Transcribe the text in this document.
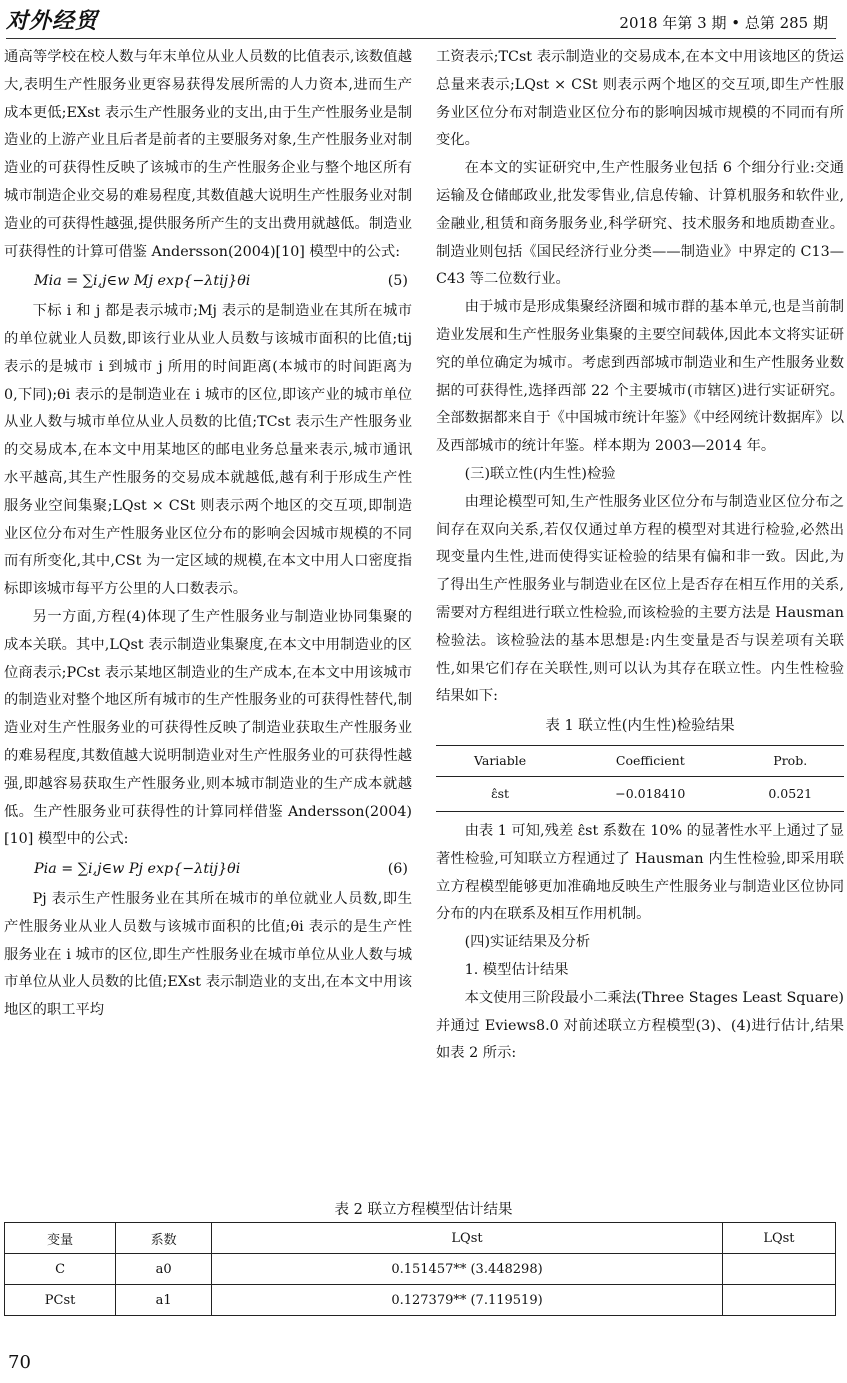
对外经贸	2018 年第 3 期 • 总第 285 期

通高等学校在校人数与年末单位从业人员数的比值表示,该数值越大,表明生产性服务业更容易获得发展所需的人力资本,进而生产成本更低;EXst 表示生产性服务业的支出,由于生产性服务业是制造业的上游产业且后者是前者的主要服务对象,生产性服务业对制造业的可获得性反映了该城市的生产性服务企业与整个地区所有城市制造企业交易的难易程度,其数值越大说明生产性服务业对制造业的可获得性越强,提供服务所产生的支出费用就越低。制造业可获得性的计算可借鉴 Andersson(2004)[10] 模型中的公式:

Mia = ∑i,j∈w Mj exp{−λtij}θi	(5)

下标 i 和 j 都是表示城市;Mj 表示的是制造业在其所在城市的单位就业人员数,即该行业从业人员数与该城市面积的比值;tij 表示的是城市 i 到城市 j 所用的时间距离(本城市的时间距离为 0,下同);θi 表示的是制造业在 i 城市的区位,即该产业的城市单位从业人数与城市单位从业人员数的比值;TCst 表示生产性服务业的交易成本,在本文中用某地区的邮电业务总量来表示,城市通讯水平越高,其生产性服务的交易成本就越低,越有利于形成生产性服务业空间集聚;LQst × CSt 则表示两个地区的交互项,即制造业区位分布对生产性服务业区位分布的影响会因城市规模的不同而有所变化,其中,CSt 为一定区域的规模,在本文中用人口密度指标即该城市每平方公里的人口数表示。

另一方面,方程(4)体现了生产性服务业与制造业协同集聚的成本关联。其中,LQst 表示制造业集聚度,在本文中用制造业的区位商表示;PCst 表示某地区制造业的生产成本,在本文中用该城市的制造业对整个地区所有城市的生产性服务业的可获得性替代,制造业对生产性服务业的可获得性反映了制造业获取生产性服务业的难易程度,其数值越大说明制造业对生产性服务业的可获得性越强,即越容易获取生产性服务业,则本城市制造业的生产成本就越低。生产性服务业可获得性的计算同样借鉴 Andersson(2004)[10] 模型中的公式:

Pia = ∑i,j∈w Pj exp{−λtij}θi	(6)

Pj 表示生产性服务业在其所在城市的单位就业人员数,即生产性服务业从业人员数与该城市面积的比值;θi 表示的是生产性服务业在 i 城市的区位,即生产性服务业在城市单位从业人数与城市单位从业人员数的比值;EXst 表示制造业的支出,在本文中用该地区的职工平均

工资表示;TCst 表示制造业的交易成本,在本文中用该地区的货运总量来表示;LQst × CSt 则表示两个地区的交互项,即生产性服务业区位分布对制造业区位分布的影响因城市规模的不同而有所变化。

在本文的实证研究中,生产性服务业包括 6 个细分行业:交通运输及仓储邮政业,批发零售业,信息传输、计算机服务和软件业,金融业,租赁和商务服务业,科学研究、技术服务和地质勘查业。制造业则包括《国民经济行业分类——制造业》中界定的 C13—C43 等二位数行业。

由于城市是形成集聚经济圈和城市群的基本单元,也是当前制造业发展和生产性服务业集聚的主要空间载体,因此本文将实证研究的单位确定为城市。考虑到西部城市制造业和生产性服务业数据的可获得性,选择西部 22 个主要城市(市辖区)进行实证研究。全部数据都来自于《中国城市统计年鉴》《中经网统计数据库》以及西部城市的统计年鉴。样本期为 2003—2014 年。

(三)联立性(内生性)检验

由理论模型可知,生产性服务业区位分布与制造业区位分布之间存在双向关系,若仅仅通过单方程的模型对其进行检验,必然出现变量内生性,进而使得实证检验的结果有偏和非一致。因此,为了得出生产性服务业与制造业在区位上是否存在相互作用的关系,需要对方程组进行联立性检验,而该检验的主要方法是 Hausman 检验法。该检验法的基本思想是:内生变量是否与误差项有关联性,如果它们存在关联性,则可以认为其存在联立性。内生性检验结果如下:

表 1 联立性(内生性)检验结果
Variable	Coefficient	Prob.
ε̂st	−0.018410	0.0521

由表 1 可知,残差 ε̂st 系数在 10% 的显著性水平上通过了显著性检验,可知联立方程通过了 Hausman 内生性检验,即采用联立方程模型能够更加准确地反映生产性服务业与制造业区位协同分布的内在联系及相互作用机制。

(四)实证结果及分析

1. 模型估计结果

本文使用三阶段最小二乘法(Three Stages Least Square)并通过 Eviews8.0 对前述联立方程模型(3)、(4)进行估计,结果如表 2 所示:

表 2 联立方程模型估计结果
变量	系数	LQst	LQst
C	a0	0.151457** (3.448298)	
PCst	a1	0.127379** (7.119519)	
70
